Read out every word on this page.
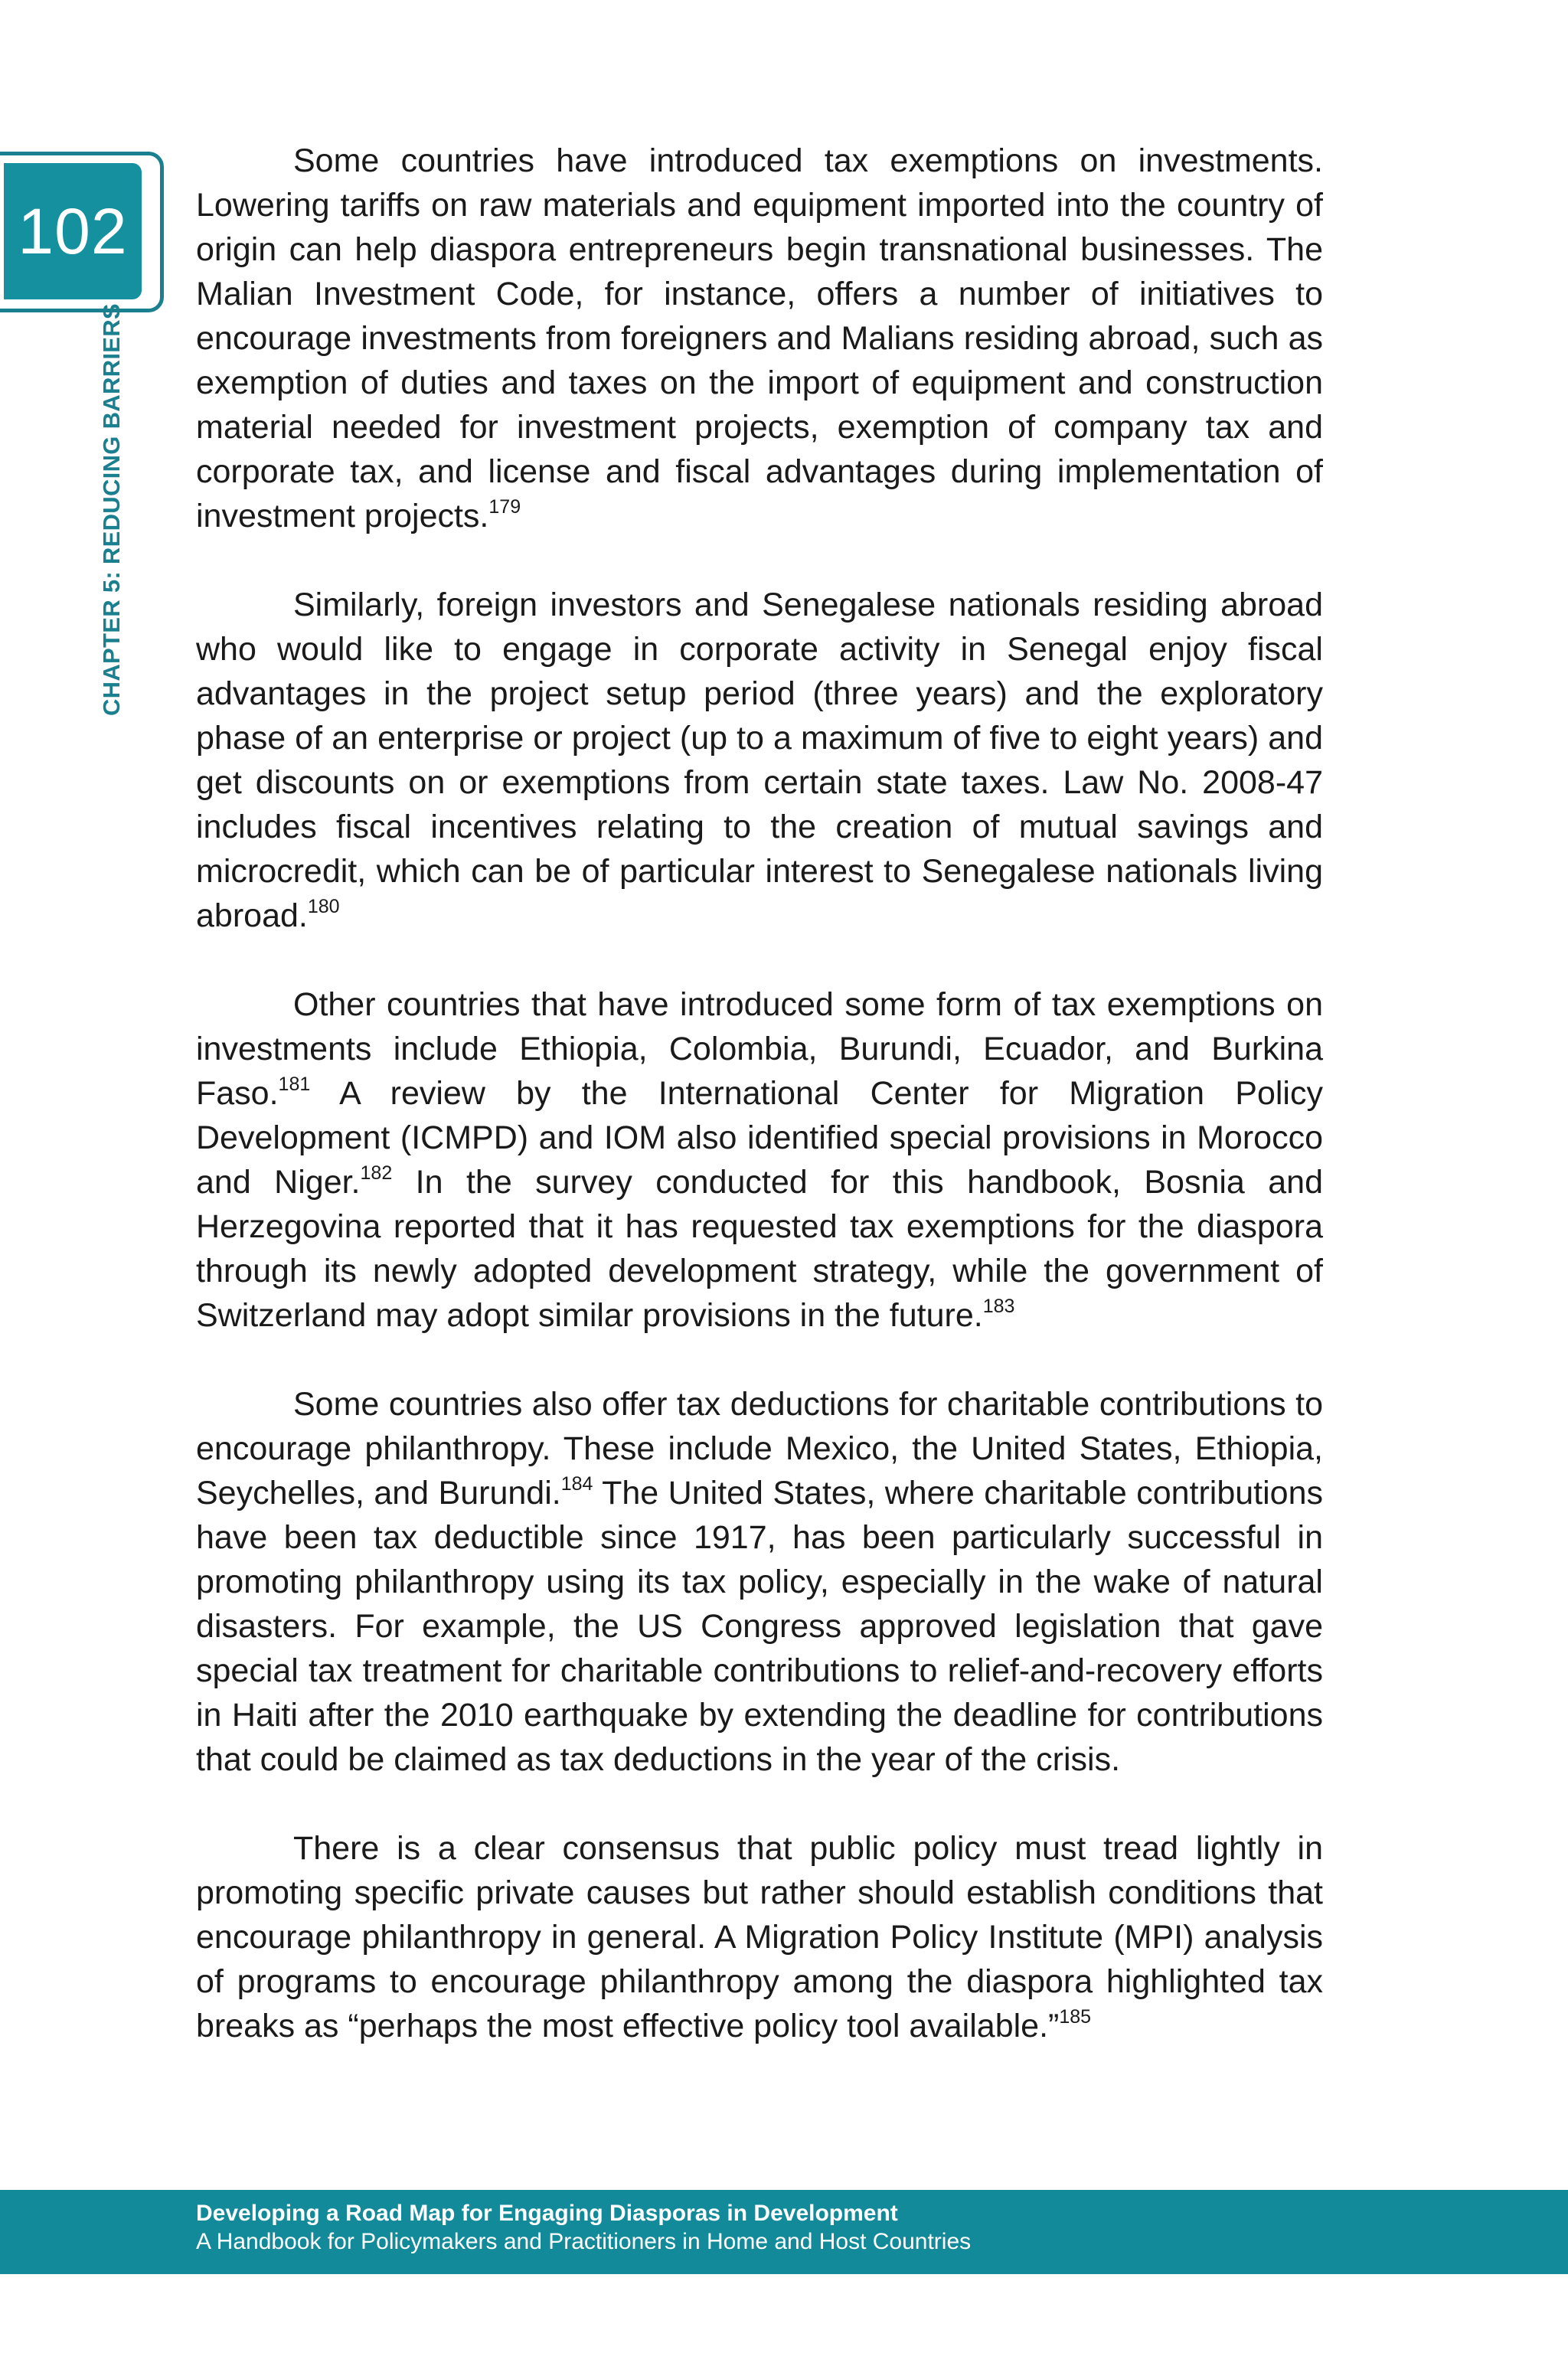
102
CHAPTER 5: REDUCING BARRIERS

Some countries have introduced tax exemptions on investments. Lowering tariffs on raw materials and equipment imported into the country of origin can help diaspora entrepreneurs begin transnational businesses. The Malian Investment Code, for instance, offers a number of initiatives to encourage investments from foreigners and Malians residing abroad, such as exemption of duties and taxes on the import of equipment and construction material needed for investment projects, exemption of company tax and corporate tax, and license and fiscal advantages during implementation of investment projects.$^{179}$

Similarly, foreign investors and Senegalese nationals residing abroad who would like to engage in corporate activity in Senegal enjoy fiscal advantages in the project setup period (three years) and the exploratory phase of an enterprise or project (up to a maximum of five to eight years) and get discounts on or exemptions from certain state taxes. Law No. 2008-47 includes fiscal incentives relating to the creation of mutual savings and microcredit, which can be of particular interest to Senegalese nationals living abroad.$^{180}$

Other countries that have introduced some form of tax exemptions on investments include Ethiopia, Colombia, Burundi, Ecuador, and Burkina Faso.$^{181}$ A review by the International Center for Migration Policy Development (ICMPD) and IOM also identified special provisions in Morocco and Niger.$^{182}$ In the survey conducted for this handbook, Bosnia and Herzegovina reported that it has requested tax exemptions for the diaspora through its newly adopted development strategy, while the government of Switzerland may adopt similar provisions in the future.$^{183}$

Some countries also offer tax deductions for charitable contributions to encourage philanthropy. These include Mexico, the United States, Ethiopia, Seychelles, and Burundi.$^{184}$ The United States, where charitable contributions have been tax deductible since 1917, has been particularly successful in promoting philanthropy using its tax policy, especially in the wake of natural disasters. For example, the US Congress approved legislation that gave special tax treatment for charitable contributions to relief-and-recovery efforts in Haiti after the 2010 earthquake by extending the deadline for contributions that could be claimed as tax deductions in the year of the crisis.

There is a clear consensus that public policy must tread lightly in promoting specific private causes but rather should establish conditions that encourage philanthropy in general. A Migration Policy Institute (MPI) analysis of programs to encourage philanthropy among the diaspora highlighted tax breaks as “perhaps the most effective policy tool available.”$^{185}$

Developing a Road Map for Engaging Diasporas in Development
A Handbook for Policymakers and Practitioners in Home and Host Countries
